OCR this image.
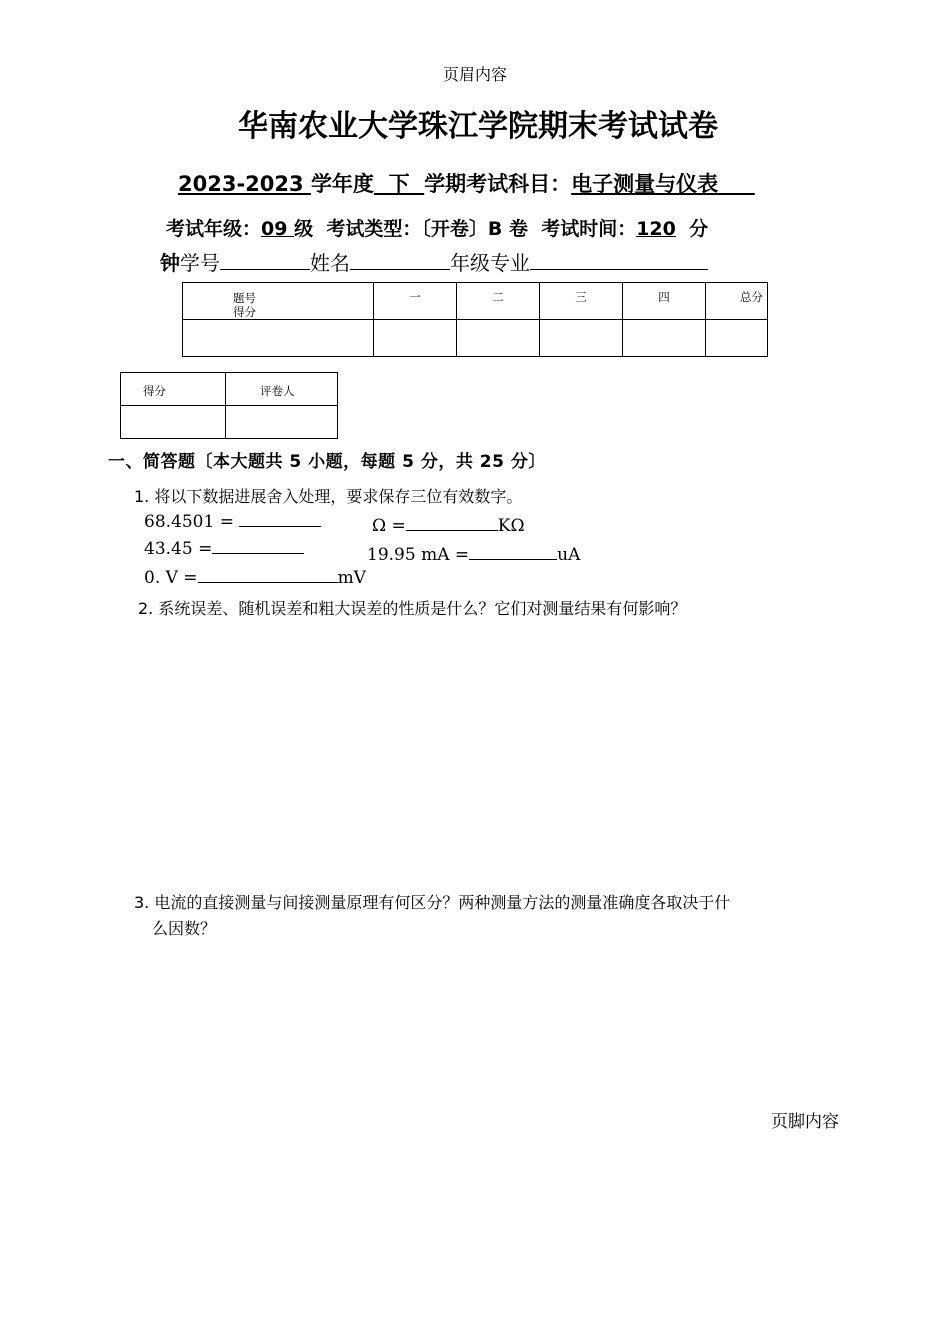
页眉内容
华南农业大学珠江学院期末考试试卷
2023-2023 学年度 下 学期考试科目：电子测量与仪表
考试年级：09 级 考试类型：〔开卷〕B 卷 考试时间：120 分
钟学号	姓名	年级专业
题号
得分	一	二	三	四	总分

得分	评卷人

一、简答题〔本大题共 5 小题，每题 5 分，共 25 分〕
1. 将以下数据进展舍入处理，要求保存三位有效数字。
68.4501 =	Ω =	KΩ
43.45 =	19.95 mA =	uA
0. V =	mV
2. 系统误差、随机误差和粗大误差的性质是什么？它们对测量结果有何影响？
3. 电流的直接测量与间接测量原理有何区分？两种测量方法的测量准确度各取决于什
么因数？
页脚内容
